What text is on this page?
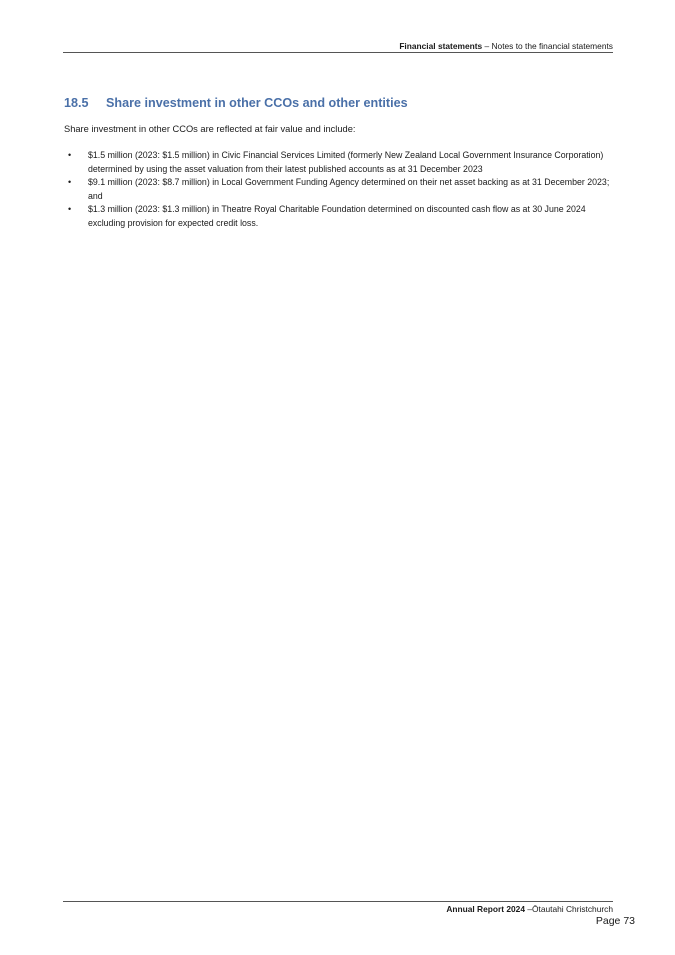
Financial statements – Notes to the financial statements
18.5 Share investment in other CCOs and other entities
Share investment in other CCOs are reflected at fair value and include:
• $1.5 million (2023: $1.5 million) in Civic Financial Services Limited (formerly New Zealand Local Government Insurance Corporation) determined by using the asset valuation from their latest published accounts as at 31 December 2023
• $9.1 million (2023: $8.7 million) in Local Government Funding Agency determined on their net asset backing as at 31 December 2023; and
• $1.3 million (2023: $1.3 million) in Theatre Royal Charitable Foundation determined on discounted cash flow as at 30 June 2024 excluding provision for expected credit loss.
Annual Report 2024 –Ōtautahi Christchurch
Page 73
